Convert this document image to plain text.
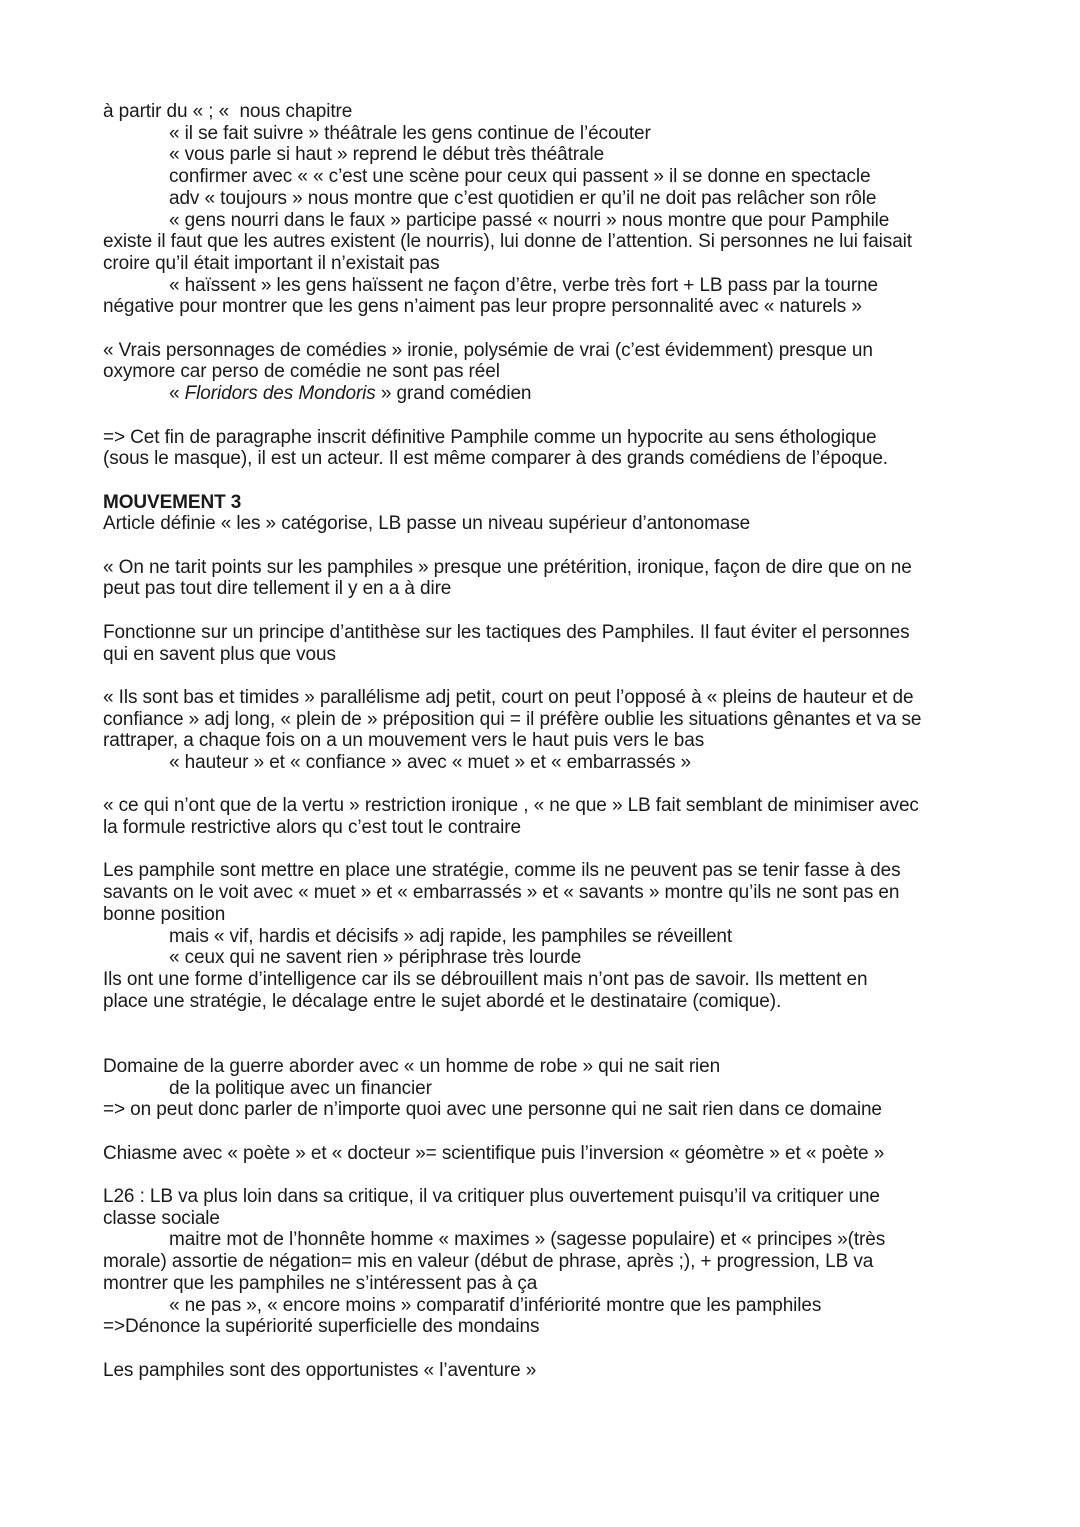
à partir du « ; «  nous chapitre
« il se fait suivre » théâtrale les gens continue de l’écouter
« vous parle si haut » reprend le début très théâtrale
confirmer avec « « c’est une scène pour ceux qui passent » il se donne en spectacle
adv « toujours » nous montre que c’est quotidien er qu’il ne doit pas relâcher son rôle
« gens nourri dans le faux » participe passé « nourri » nous montre que pour Pamphile
existe il faut que les autres existent (le nourris), lui donne de l’attention. Si personnes ne lui faisait
croire qu’il était important il n’existait pas
« haïssent » les gens haïssent ne façon d’être, verbe très fort + LB pass par la tourne
négative pour montrer que les gens n’aiment pas leur propre personnalité avec « naturels »
« Vrais personnages de comédies » ironie, polysémie de vrai (c’est évidemment) presque un
oxymore car perso de comédie ne sont pas réel
« Floridors des Mondoris » grand comédien
=> Cet fin de paragraphe inscrit définitive Pamphile comme un hypocrite au sens éthologique
(sous le masque), il est un acteur. Il est même comparer à des grands comédiens de l’époque.
MOUVEMENT 3
Article définie « les » catégorise, LB passe un niveau supérieur d’antonomase
« On ne tarit points sur les pamphiles » presque une prétérition, ironique, façon de dire que on ne
peut pas tout dire tellement il y en a à dire
Fonctionne sur un principe d’antithèse sur les tactiques des Pamphiles. Il faut éviter el personnes
qui en savent plus que vous
« Ils sont bas et timides » parallélisme adj petit, court on peut l’opposé à « pleins de hauteur et de
confiance » adj long, « plein de » préposition qui = il préfère oublie les situations gênantes et va se
rattraper, a chaque fois on a un mouvement vers le haut puis vers le bas
« hauteur » et « confiance » avec « muet » et « embarrassés »
« ce qui n’ont que de la vertu » restriction ironique , « ne que » LB fait semblant de minimiser avec
la formule restrictive alors qu c’est tout le contraire
Les pamphile sont mettre en place une stratégie, comme ils ne peuvent pas se tenir fasse à des
savants on le voit avec « muet » et « embarrassés » et « savants » montre qu’ils ne sont pas en
bonne position
mais « vif, hardis et décisifs » adj rapide, les pamphiles se réveillent
« ceux qui ne savent rien » périphrase très lourde
Ils ont une forme d’intelligence car ils se débrouillent mais n’ont pas de savoir. Ils mettent en
place une stratégie, le décalage entre le sujet abordé et le destinataire (comique).
Domaine de la guerre aborder avec « un homme de robe » qui ne sait rien
de la politique avec un financier
=> on peut donc parler de n’importe quoi avec une personne qui ne sait rien dans ce domaine
Chiasme avec « poète » et « docteur »= scientifique puis l’inversion « géomètre » et « poète »
L26 : LB va plus loin dans sa critique, il va critiquer plus ouvertement puisqu’il va critiquer une
classe sociale
maitre mot de l’honnête homme « maximes » (sagesse populaire) et « principes »(très
morale) assortie de négation= mis en valeur (début de phrase, après ;), + progression, LB va
montrer que les pamphiles ne s’intéressent pas à ça
« ne pas », « encore moins » comparatif d’infériorité montre que les pamphiles
=>Dénonce la supériorité superficielle des mondains
Les pamphiles sont des opportunistes « l’aventure »
